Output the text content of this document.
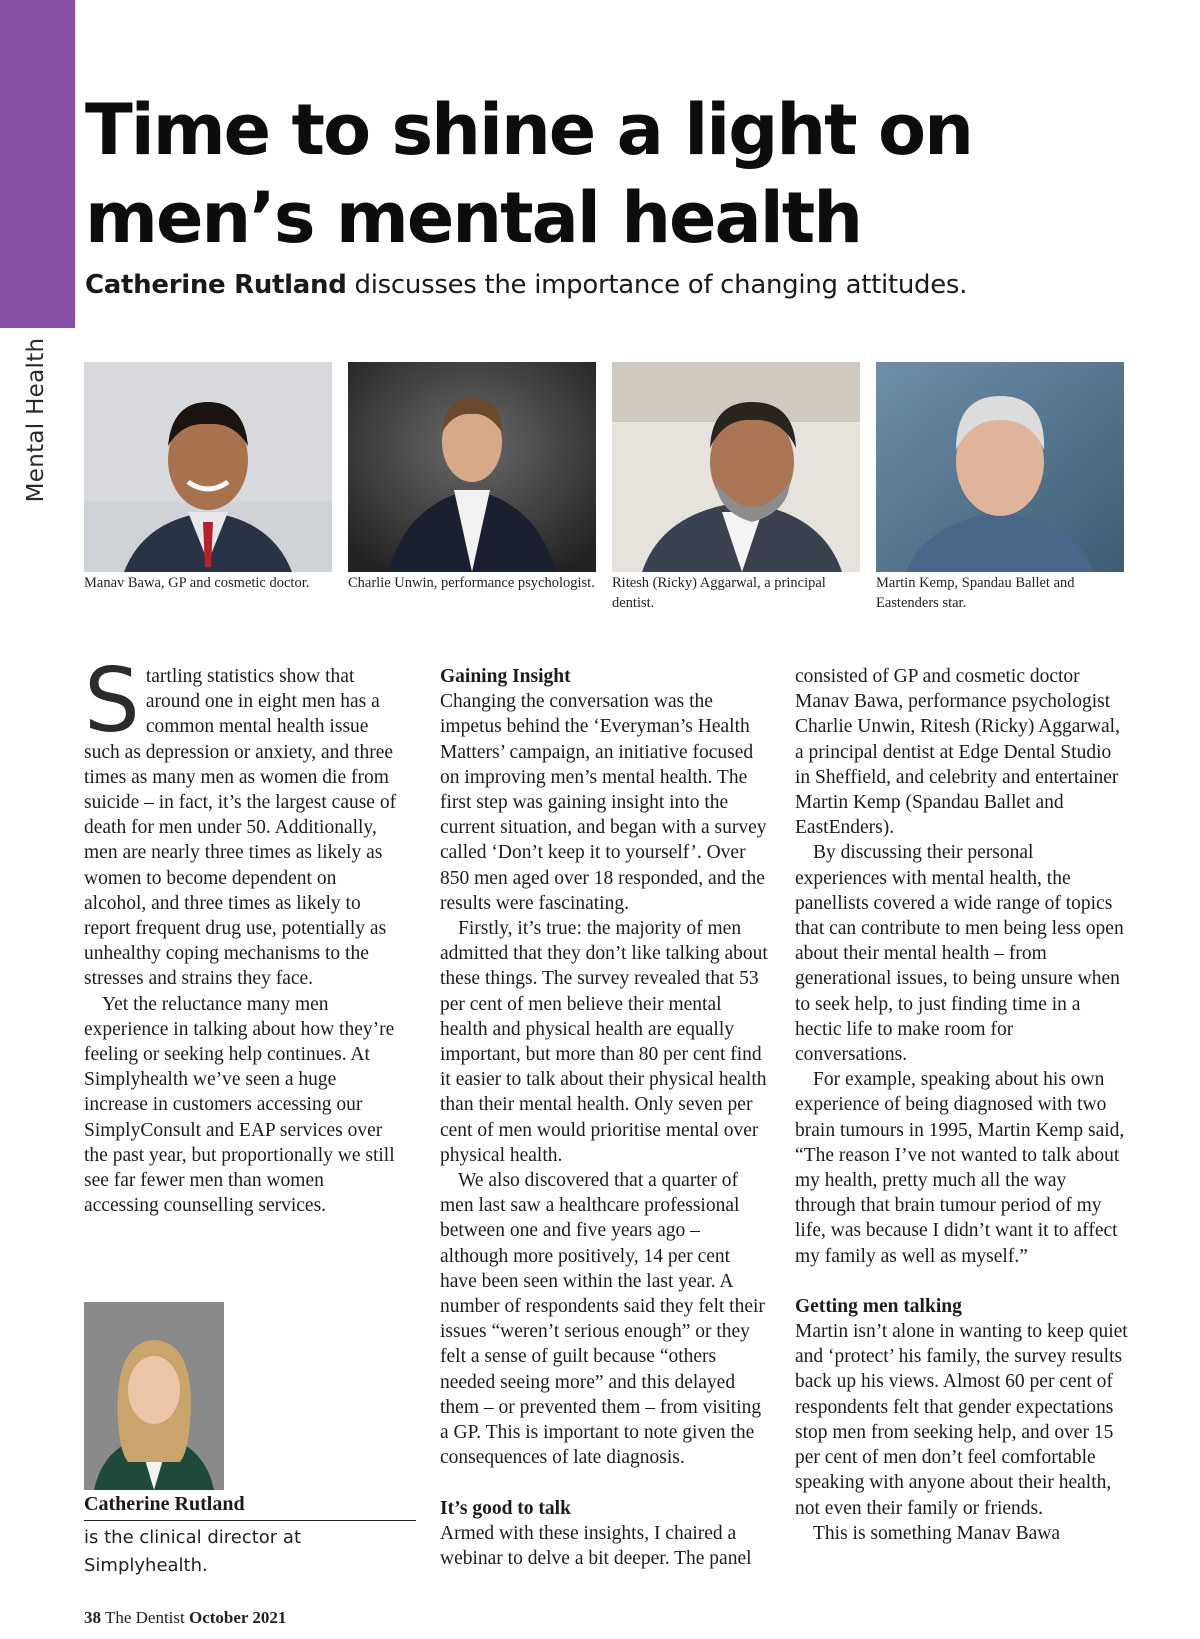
Mental Health
Time to shine a light on men’s mental health

Catherine Rutland discusses the importance of changing attitudes.

Manav Bawa, GP and cosmetic doctor.	Charlie Unwin, performance psychologist.	Ritesh (Ricky) Aggarwal, a principal dentist.
Martin Kemp, Spandau Ballet and Eastenders star.

Startling statistics show that around one in eight men has a common mental health issue such as depression or anxiety, and three times as many men as women die from suicide – in fact, it’s the largest cause of death for men under 50. Additionally, men are nearly three times as likely as women to become dependent on alcohol, and three times as likely to report frequent drug use, potentially as unhealthy coping mechanisms to the stresses and strains they face.

Yet the reluctance many men experience in talking about how they’re feeling or seeking help continues. At Simplyhealth we’ve seen a huge increase in customers accessing our SimplyConsult and EAP services over the past year, but proportionally we still see far fewer men than women accessing counselling services.

Gaining Insight

Changing the conversation was the impetus behind the ‘Everyman’s Health Matters’ campaign, an initiative focused on improving men’s mental health. The first step was gaining insight into the current situation, and began with a survey called ‘Don’t keep it to yourself’. Over 850 men aged over 18 responded, and the results were fascinating.

Firstly, it’s true: the majority of men admitted that they don’t like talking about these things. The survey revealed that 53 per cent of men believe their mental health and physical health are equally important, but more than 80 per cent find it easier to talk about their physical health than their mental health. Only seven per cent of men would prioritise mental over physical health.

We also discovered that a quarter of men last saw a healthcare professional between one and five years ago – although more positively, 14 per cent have been seen within the last year. A number of respondents said they felt their issues “weren’t serious enough” or they felt a sense of guilt because “others needed seeing more” and this delayed them – or prevented them – from visiting a GP. This is important to note given the consequences of late diagnosis.

It’s good to talk

Armed with these insights, I chaired a webinar to delve a bit deeper. The panel

consisted of GP and cosmetic doctor Manav Bawa, performance psychologist Charlie Unwin, Ritesh (Ricky) Aggarwal, a principal dentist at Edge Dental Studio in Sheffield, and celebrity and entertainer Martin Kemp (Spandau Ballet and EastEnders).

By discussing their personal experiences with mental health, the panellists covered a wide range of topics that can contribute to men being less open about their mental health – from generational issues, to being unsure when to seek help, to just finding time in a hectic life to make room for conversations.

For example, speaking about his own experience of being diagnosed with two brain tumours in 1995, Martin Kemp said, “The reason I’ve not wanted to talk about my health, pretty much all the way through that brain tumour period of my life, was because I didn’t want it to affect my family as well as myself.”

Getting men talking

Martin isn’t alone in wanting to keep quiet and ‘protect’ his family, the survey results back up his views. Almost 60 per cent of respondents felt that gender expectations stop men from seeking help, and over 15 per cent of men don’t feel comfortable speaking with anyone about their health, not even their family or friends.

This is something Manav Bawa

Catherine Rutland
is the clinical director at Simplyhealth.
38 The Dentist October 2021
